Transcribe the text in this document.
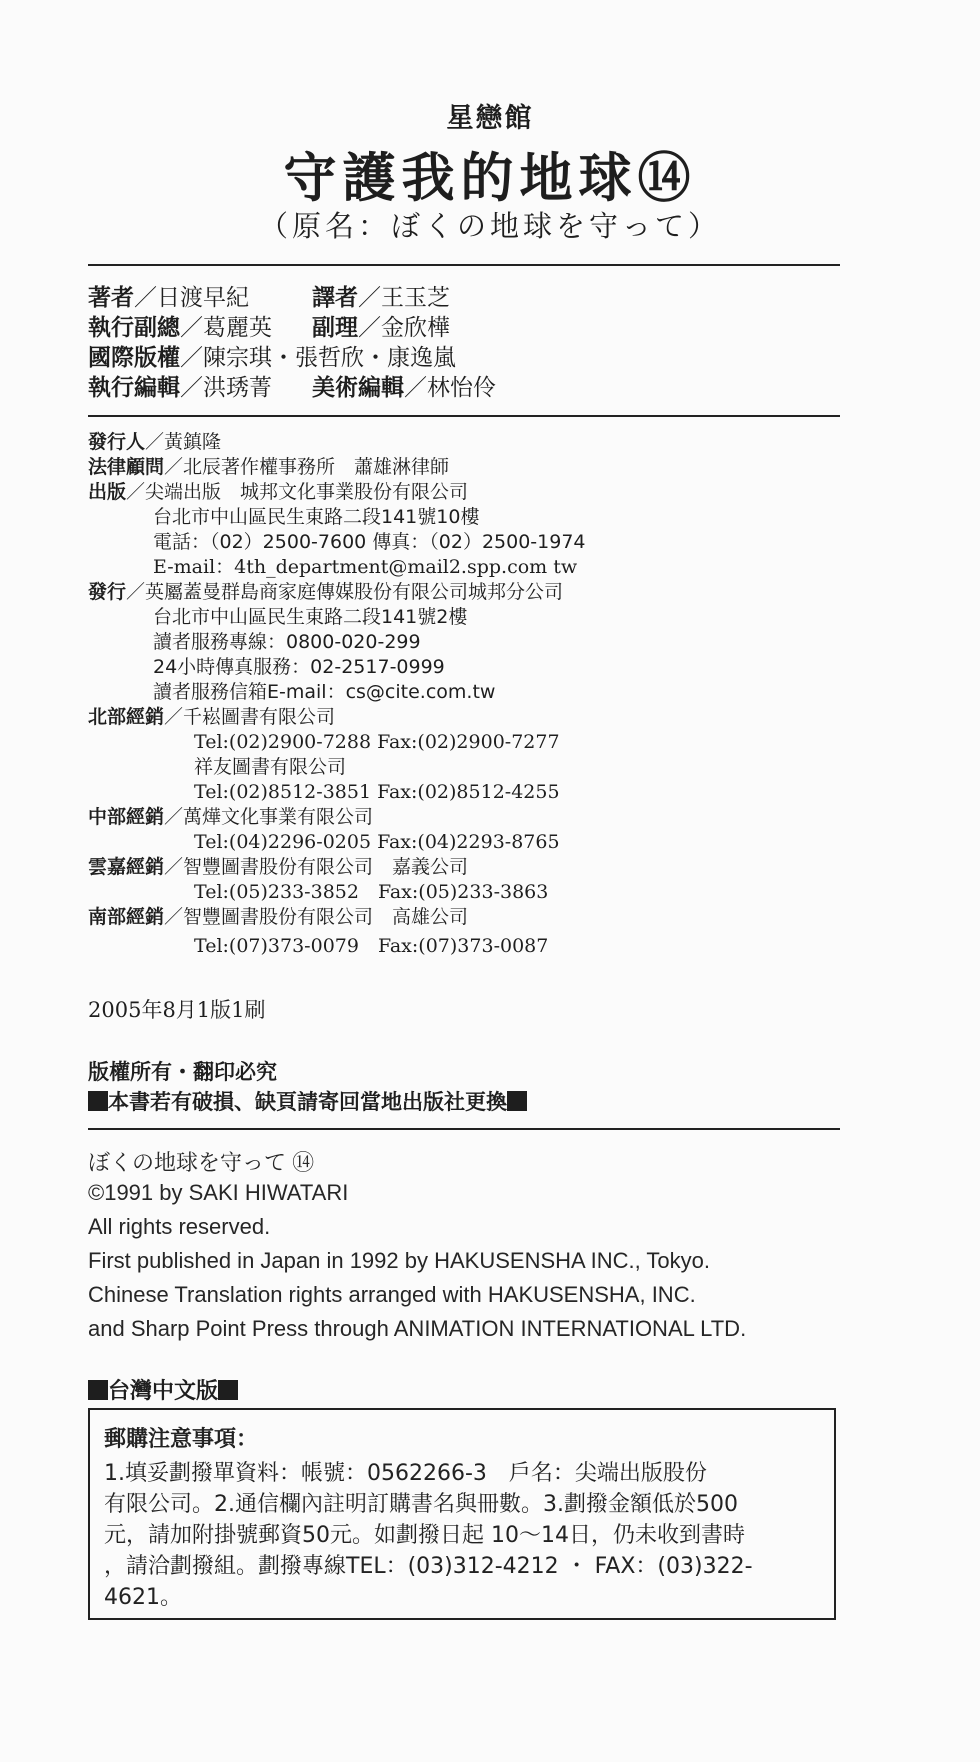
星戀館
守護我的地球⑭
（原名：ぼくの地球を守って）
著者／日渡早紀	譯者／王玉芝
執行副總／葛麗英 副理／金欣樺
國際版權／陳宗琪・張哲欣・康逸嵐
執行編輯／洪琇菁 美術編輯／林怡伶
發行人／黃鎮隆
法律顧問／北辰著作權事務所　蕭雄淋律師
出版／尖端出版　城邦文化事業股份有限公司
台北市中山區民生東路二段141號10樓
電話：（02）2500-7600 傳真：（02）2500-1974
E-mail：4th_department@mail2.spp.com tw
發行／英屬蓋曼群島商家庭傳媒股份有限公司城邦分公司
台北市中山區民生東路二段141號2樓
讀者服務專線：0800-020-299
24小時傳真服務：02-2517-0999
讀者服務信箱E-mail：cs@cite.com.tw
北部經銷／千崧圖書有限公司
Tel:(02)2900-7288 Fax:(02)2900-7277
祥友圖書有限公司
Tel:(02)8512-3851 Fax:(02)8512-4255
中部經銷／萬燁文化事業有限公司
Tel:(04)2296-0205 Fax:(04)2293-8765
雲嘉經銷／智豐圖書股份有限公司　嘉義公司
Tel:(05)233-3852　Fax:(05)233-3863
南部經銷／智豐圖書股份有限公司　高雄公司
Tel:(07)373-0079　Fax:(07)373-0087
2005年8月1版1刷
版權所有・翻印必究
本書若有破損、缺頁請寄回當地出版社更換
ぼくの地球を守って ⑭
©1991 by SAKI HIWATARI
All rights reserved.
First published in Japan in 1992 by HAKUSENSHA INC., Tokyo.
Chinese Translation rights arranged with HAKUSENSHA, INC.
and Sharp Point Press through ANIMATION INTERNATIONAL LTD.
台灣中文版
郵購注意事項：
1.填妥劃撥單資料：帳號：0562266-3　戶名：尖端出版股份
有限公司。2.通信欄內註明訂購書名與冊數。3.劃撥金額低於500
元，請加附掛號郵資50元。如劃撥日起 10～14日，仍未收到書時
，請洽劃撥組。劃撥專線TEL：(03)312-4212 ・ FAX：(03)322-
4621。
